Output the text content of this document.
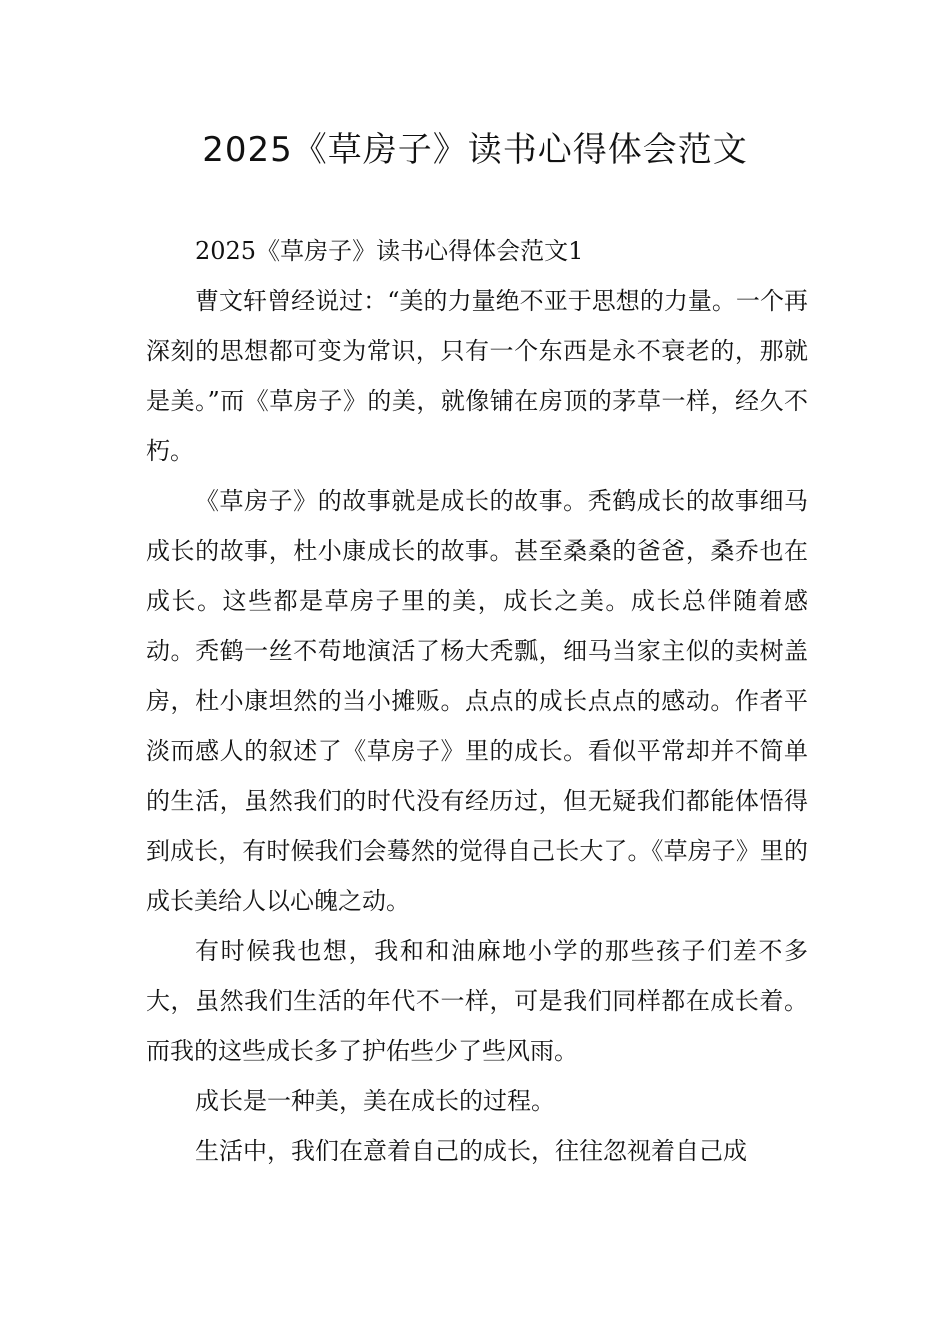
2025《草房子》读书心得体会范文

2025《草房子》读书心得体会范文1

曹文轩曾经说过：“美的力量绝不亚于思想的力量。一个再深刻的思想都可变为常识，只有一个东西是永不衰老的，那就是美。”而《草房子》的美，就像铺在房顶的茅草一样，经久不朽。

《草房子》的故事就是成长的故事。秃鹤成长的故事细马成长的故事，杜小康成长的故事。甚至桑桑的爸爸，桑乔也在成长。这些都是草房子里的美，成长之美。成长总伴随着感动。秃鹤一丝不苟地演活了杨大秃瓢，细马当家主似的卖树盖房，杜小康坦然的当小摊贩。点点的成长点点的感动。作者平淡而感人的叙述了《草房子》里的成长。看似平常却并不简单的生活，虽然我们的时代没有经历过，但无疑我们都能体悟得到成长，有时候我们会蓦然的觉得自己长大了。《草房子》里的成长美给人以心魄之动。

有时候我也想，我和和油麻地小学的那些孩子们差不多大，虽然我们生活的年代不一样，可是我们同样都在成长着。而我的这些成长多了护佑些少了些风雨。

成长是一种美，美在成长的过程。

生活中，我们在意着自己的成长，往往忽视着自己成
